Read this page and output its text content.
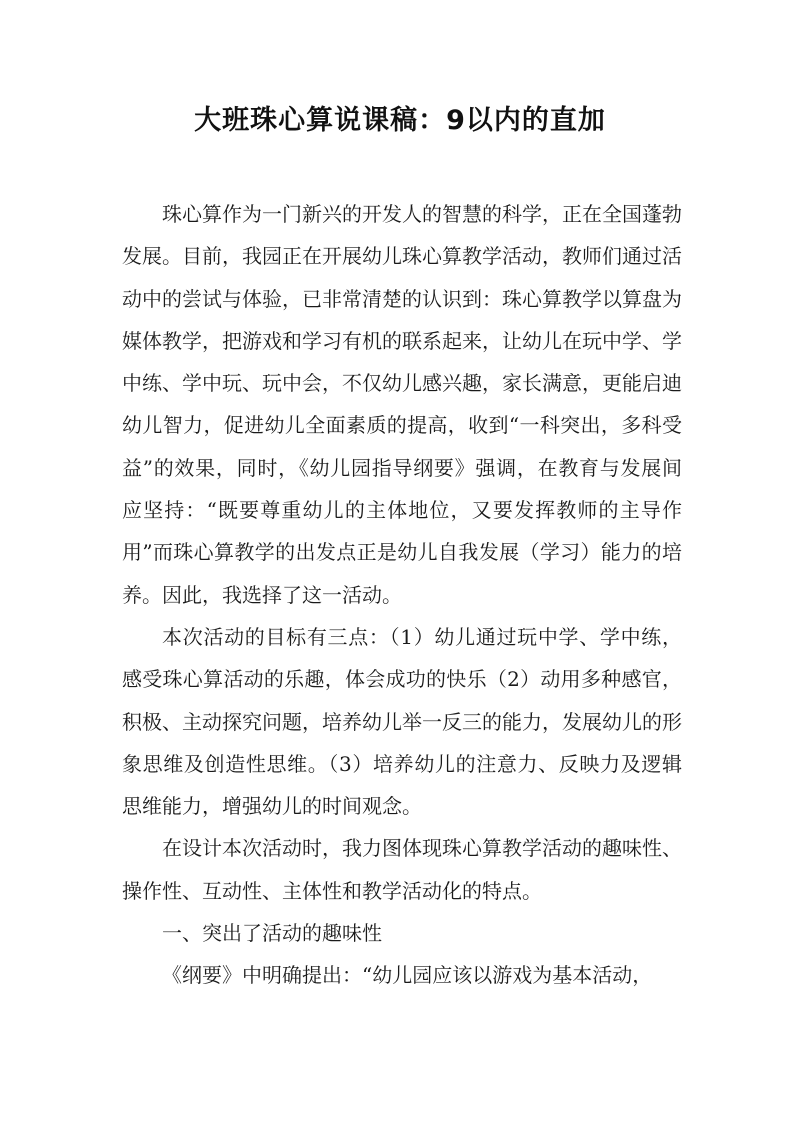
大班珠心算说课稿：9以内的直加

珠心算作为一门新兴的开发人的智慧的科学，正在全国蓬勃发展。目前，我园正在开展幼儿珠心算教学活动，教师们通过活动中的尝试与体验，已非常清楚的认识到：珠心算教学以算盘为媒体教学，把游戏和学习有机的联系起来，让幼儿在玩中学、学中练、学中玩、玩中会，不仅幼儿感兴趣，家长满意，更能启迪幼儿智力，促进幼儿全面素质的提高，收到“一科突出，多科受益”的效果，同时，《幼儿园指导纲要》强调，在教育与发展间应坚持：“既要尊重幼儿的主体地位，又要发挥教师的主导作用”而珠心算教学的出发点正是幼儿自我发展（学习）能力的培养。因此，我选择了这一活动。

本次活动的目标有三点：（1）幼儿通过玩中学、学中练，感受珠心算活动的乐趣，体会成功的快乐（2）动用多种感官，积极、主动探究问题，培养幼儿举一反三的能力，发展幼儿的形象思维及创造性思维。（3）培养幼儿的注意力、反映力及逻辑思维能力，增强幼儿的时间观念。

在设计本次活动时，我力图体现珠心算教学活动的趣味性、操作性、互动性、主体性和教学活动化的特点。

一、突出了活动的趣味性

《纲要》中明确提出：“幼儿园应该以游戏为基本活动，
